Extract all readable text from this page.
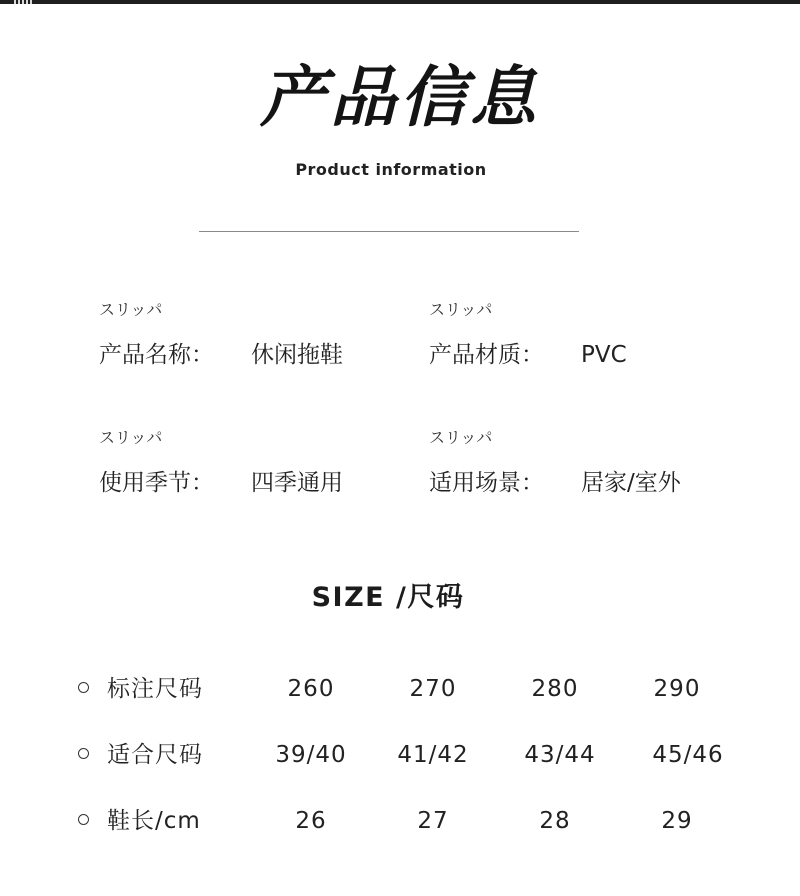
产品信息
Product information
スリッパ
产品名称： 休闲拖鞋
スリッパ
产品材质： PVC
スリッパ
使用季节： 四季通用
スリッパ
适用场景： 居家/室外
SIZE /尺码
标注尺码	260	270	280	290
适合尺码	39/40	41/42	43/44	45/46
鞋长/cm	26	27	28	29
